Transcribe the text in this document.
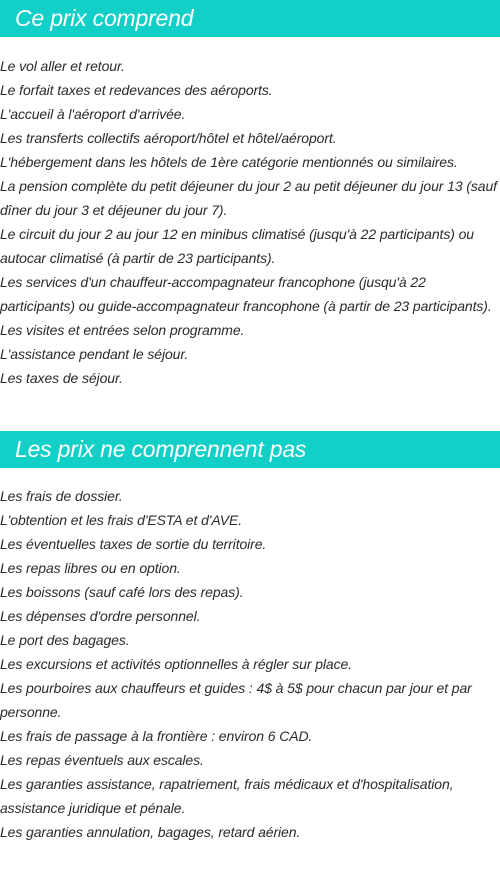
Ce prix comprend
Le vol aller et retour.
Le forfait taxes et redevances des aéroports.
L'accueil à l'aéroport d'arrivée.
Les transferts collectifs aéroport/hôtel et hôtel/aéroport.
L'hébergement dans les hôtels de 1ère catégorie mentionnés ou similaires.
La pension complète du petit déjeuner du jour 2 au petit déjeuner du jour 13 (sauf dîner du jour 3 et déjeuner du jour 7).
Le circuit du jour 2 au jour 12 en minibus climatisé (jusqu'à 22 participants) ou autocar climatisé (à partir de 23 participants).
Les services d'un chauffeur-accompagnateur francophone (jusqu'à 22 participants) ou guide-accompagnateur francophone (à partir de 23 participants).
Les visites et entrées selon programme.
L'assistance pendant le séjour.
Les taxes de séjour.
Les prix ne comprennent pas
Les frais de dossier.
L'obtention et les frais d'ESTA et d'AVE.
Les éventuelles taxes de sortie du territoire.
Les repas libres ou en option.
Les boissons (sauf café lors des repas).
Les dépenses d'ordre personnel.
Le port des bagages.
Les excursions et activités optionnelles à régler sur place.
Les pourboires aux chauffeurs et guides : 4$ à 5$ pour chacun par jour et par personne.
Les frais de passage à la frontière : environ 6 CAD.
Les repas éventuels aux escales.
Les garanties assistance, rapatriement, frais médicaux et d'hospitalisation, assistance juridique et pénale.
Les garanties annulation, bagages, retard aérien.
